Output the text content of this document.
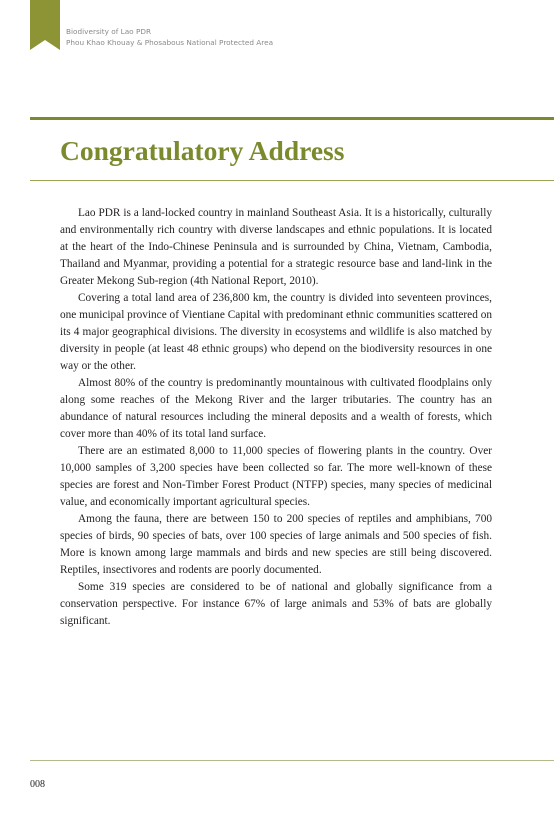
Biodiversity of Lao PDR
Phou Khao Khouay & Phosabous National Protected Area
Congratulatory Address

Lao PDR is a land-locked country in mainland Southeast Asia. It is a historically, culturally and environmentally rich country with diverse landscapes and ethnic populations. It is located at the heart of the Indo-Chinese Peninsula and is surrounded by China, Vietnam, Cambodia, Thailand and Myanmar, providing a potential for a strategic resource base and land-link in the Greater Mekong Sub-region (4th National Report, 2010).

Covering a total land area of 236,800 km, the country is divided into seventeen provinces, one municipal province of Vientiane Capital with predominant ethnic communities scattered on its 4 major geographical divisions. The diversity in ecosystems and wildlife is also matched by diversity in people (at least 48 ethnic groups) who depend on the biodiversity resources in one way or the other.

Almost 80% of the country is predominantly mountainous with cultivated floodplains only along some reaches of the Mekong River and the larger tributaries. The country has an abundance of natural resources including the mineral deposits and a wealth of forests, which cover more than 40% of its total land surface.

There are an estimated 8,000 to 11,000 species of flowering plants in the country. Over 10,000 samples of 3,200 species have been collected so far. The more well-known of these species are forest and Non-Timber Forest Product (NTFP) species, many species of medicinal value, and economically important agricultural species.

Among the fauna, there are between 150 to 200 species of reptiles and amphibians, 700 species of birds, 90 species of bats, over 100 species of large animals and 500 species of fish. More is known among large mammals and birds and new species are still being discovered. Reptiles, insectivores and rodents are poorly documented.

Some 319 species are considered to be of national and globally significance from a conservation perspective. For instance 67% of large animals and 53% of bats are globally significant.

008
